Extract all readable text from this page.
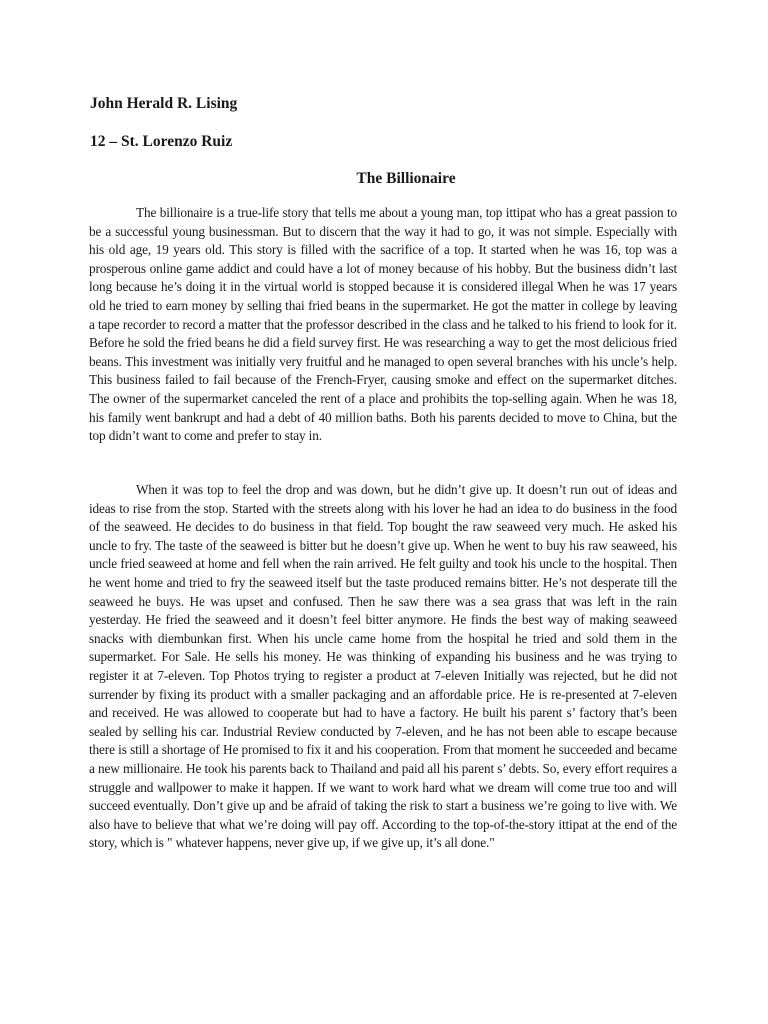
John Herald R. Lising

12 – St. Lorenzo Ruiz

The Billionaire

The billionaire is a true-life story that tells me about a young man, top ittipat who has a great passion to be a successful young businessman. But to discern that the way it had to go, it was not simple. Especially with his old age, 19 years old. This story is filled with the sacrifice of a top. It started when he was 16, top was a prosperous online game addict and could have a lot of money because of his hobby. But the business didn’t last long because he’s doing it in the virtual world is stopped because it is considered illegal When he was 17 years old he tried to earn money by selling thai fried beans in the supermarket. He got the matter in college by leaving a tape recorder to record a matter that the professor described in the class and he talked to his friend to look for it. Before he sold the fried beans he did a field survey first. He was researching a way to get the most delicious fried beans. This investment was initially very fruitful and he managed to open several branches with his uncle’s help. This business failed to fail because of the French-Fryer, causing smoke and effect on the supermarket ditches. The owner of the supermarket canceled the rent of a place and prohibits the top-selling again. When he was 18, his family went bankrupt and had a debt of 40 million baths. Both his parents decided to move to China, but the top didn’t want to come and prefer to stay in.

When it was top to feel the drop and was down, but he didn’t give up. It doesn’t run out of ideas and ideas to rise from the stop. Started with the streets along with his lover he had an idea to do business in the food of the seaweed. He decides to do business in that field. Top bought the raw seaweed very much. He asked his uncle to fry. The taste of the seaweed is bitter but he doesn’t give up. When he went to buy his raw seaweed, his uncle fried seaweed at home and fell when the rain arrived. He felt guilty and took his uncle to the hospital. Then he went home and tried to fry the seaweed itself but the taste produced remains bitter. He’s not desperate till the seaweed he buys. He was upset and confused. Then he saw there was a sea grass that was left in the rain yesterday. He fried the seaweed and it doesn’t feel bitter anymore. He finds the best way of making seaweed snacks with diembunkan first. When his uncle came home from the hospital he tried and sold them in the supermarket. For Sale. He sells his money. He was thinking of expanding his business and he was trying to register it at 7-eleven. Top Photos trying to register a product at 7-eleven Initially was rejected, but he did not surrender by fixing its product with a smaller packaging and an affordable price. He is re-presented at 7-eleven and received. He was allowed to cooperate but had to have a factory. He built his parent s’ factory that’s been sealed by selling his car. Industrial Review conducted by 7-eleven, and he has not been able to escape because there is still a shortage of He promised to fix it and his cooperation. From that moment he succeeded and became a new millionaire. He took his parents back to Thailand and paid all his parent s’ debts. So, every effort requires a struggle and wallpower to make it happen. If we want to work hard what we dream will come true too and will succeed eventually. Don’t give up and be afraid of taking the risk to start a business we’re going to live with. We also have to believe that what we’re doing will pay off. According to the top-of-the-story ittipat at the end of the story, which is " whatever happens, never give up, if we give up, it’s all done."
